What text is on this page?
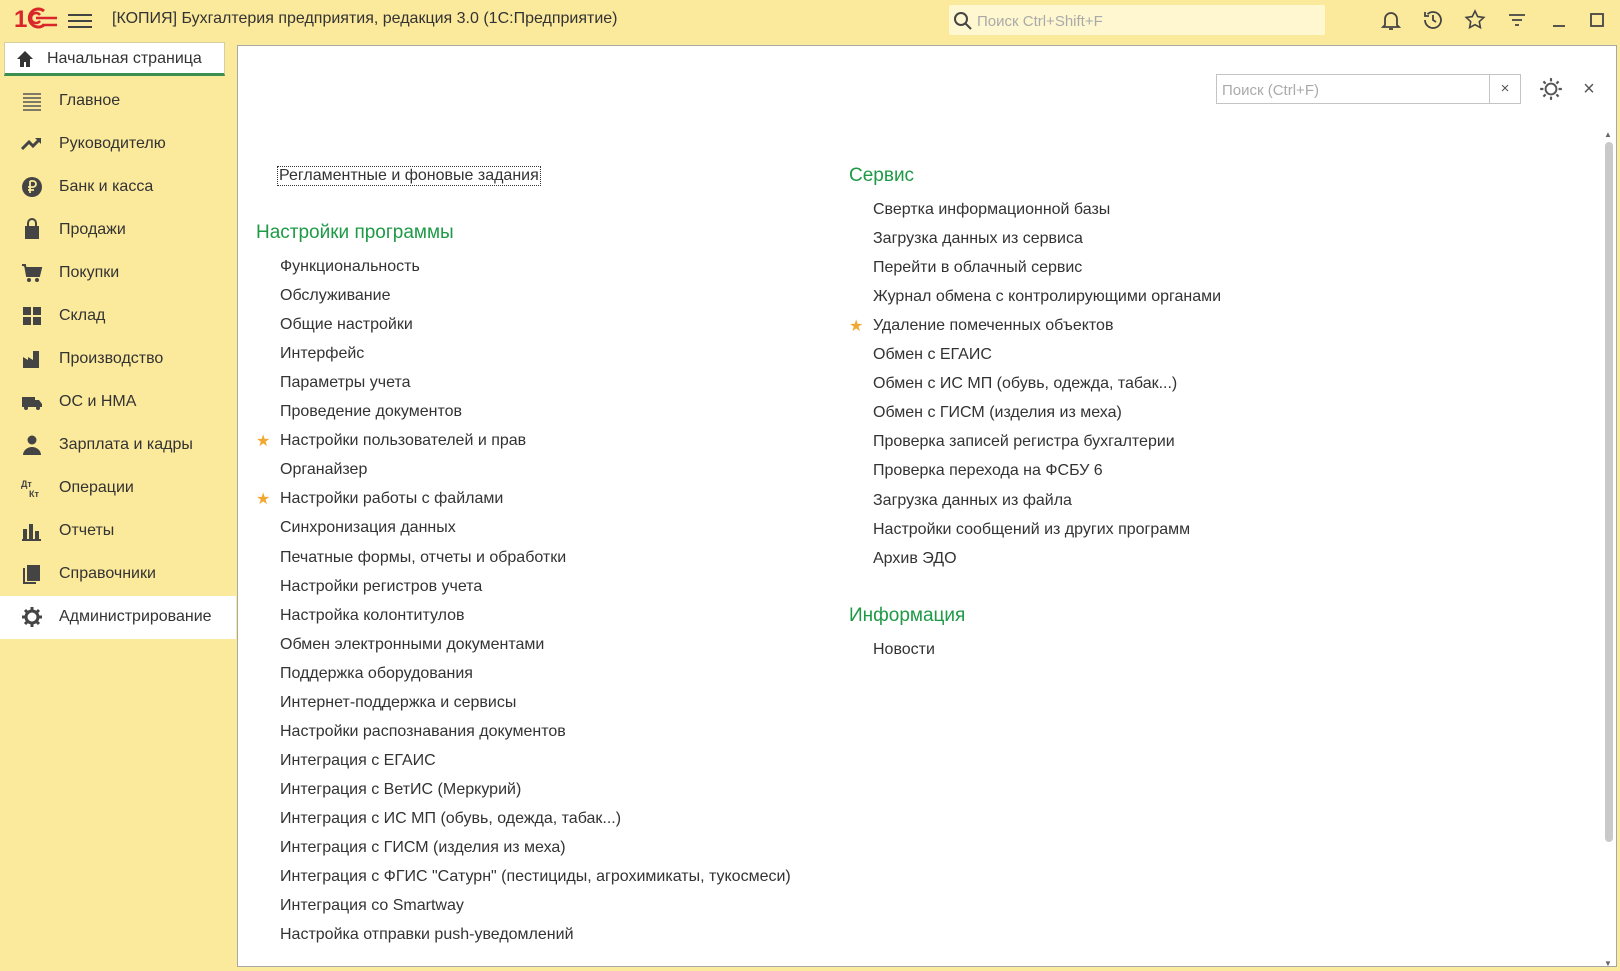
1	[КОПИЯ] Бухгалтерия предприятия, редакция 3.0 (1С:Предприятие)
Поиск Ctrl+Shift+F
Начальная страница
Главное
Руководителю
Банк и касса
Продажи
Покупки
Склад
Производство
ОС и НМА
Зарплата и кадры
Дт
Кт Операции
Отчеты
Справочники
Администрирование
Поиск (Ctrl+F)
×	×
Регламентные и фоновые задания
Настройки программы
Функциональность
Обслуживание
Общие настройки
Интерфейс
Параметры учета
Проведение документов
★ Настройки пользователей и прав
Органайзер
★ Настройки работы с файлами
Синхронизация данных
Печатные формы, отчеты и обработки
Настройки регистров учета
Настройка колонтитулов
Обмен электронными документами
Поддержка оборудования
Интернет-поддержка и сервисы
Настройки распознавания документов
Интеграция с ЕГАИС
Интеграция с ВетИС (Меркурий)
Интеграция с ИС МП (обувь, одежда, табак...)
Интеграция с ГИСМ (изделия из меха)
Интеграция с ФГИС "Сатурн" (пестициды, агрохимикаты, тукосмеси)
Интеграция со Smartway
Настройка отправки push-уведомлений
Сервис
Свертка информационной базы
Загрузка данных из сервиса
Перейти в облачный сервис
Журнал обмена с контролирующими органами
★ Удаление помеченных объектов
Обмен с ЕГАИС
Обмен с ИС МП (обувь, одежда, табак...)
Обмен с ГИСМ (изделия из меха)
Проверка записей регистра бухгалтерии
Проверка перехода на ФСБУ 6
Загрузка данных из файла
Настройки сообщений из других программ
Архив ЭДО
Информация
Новости
▲
▼
